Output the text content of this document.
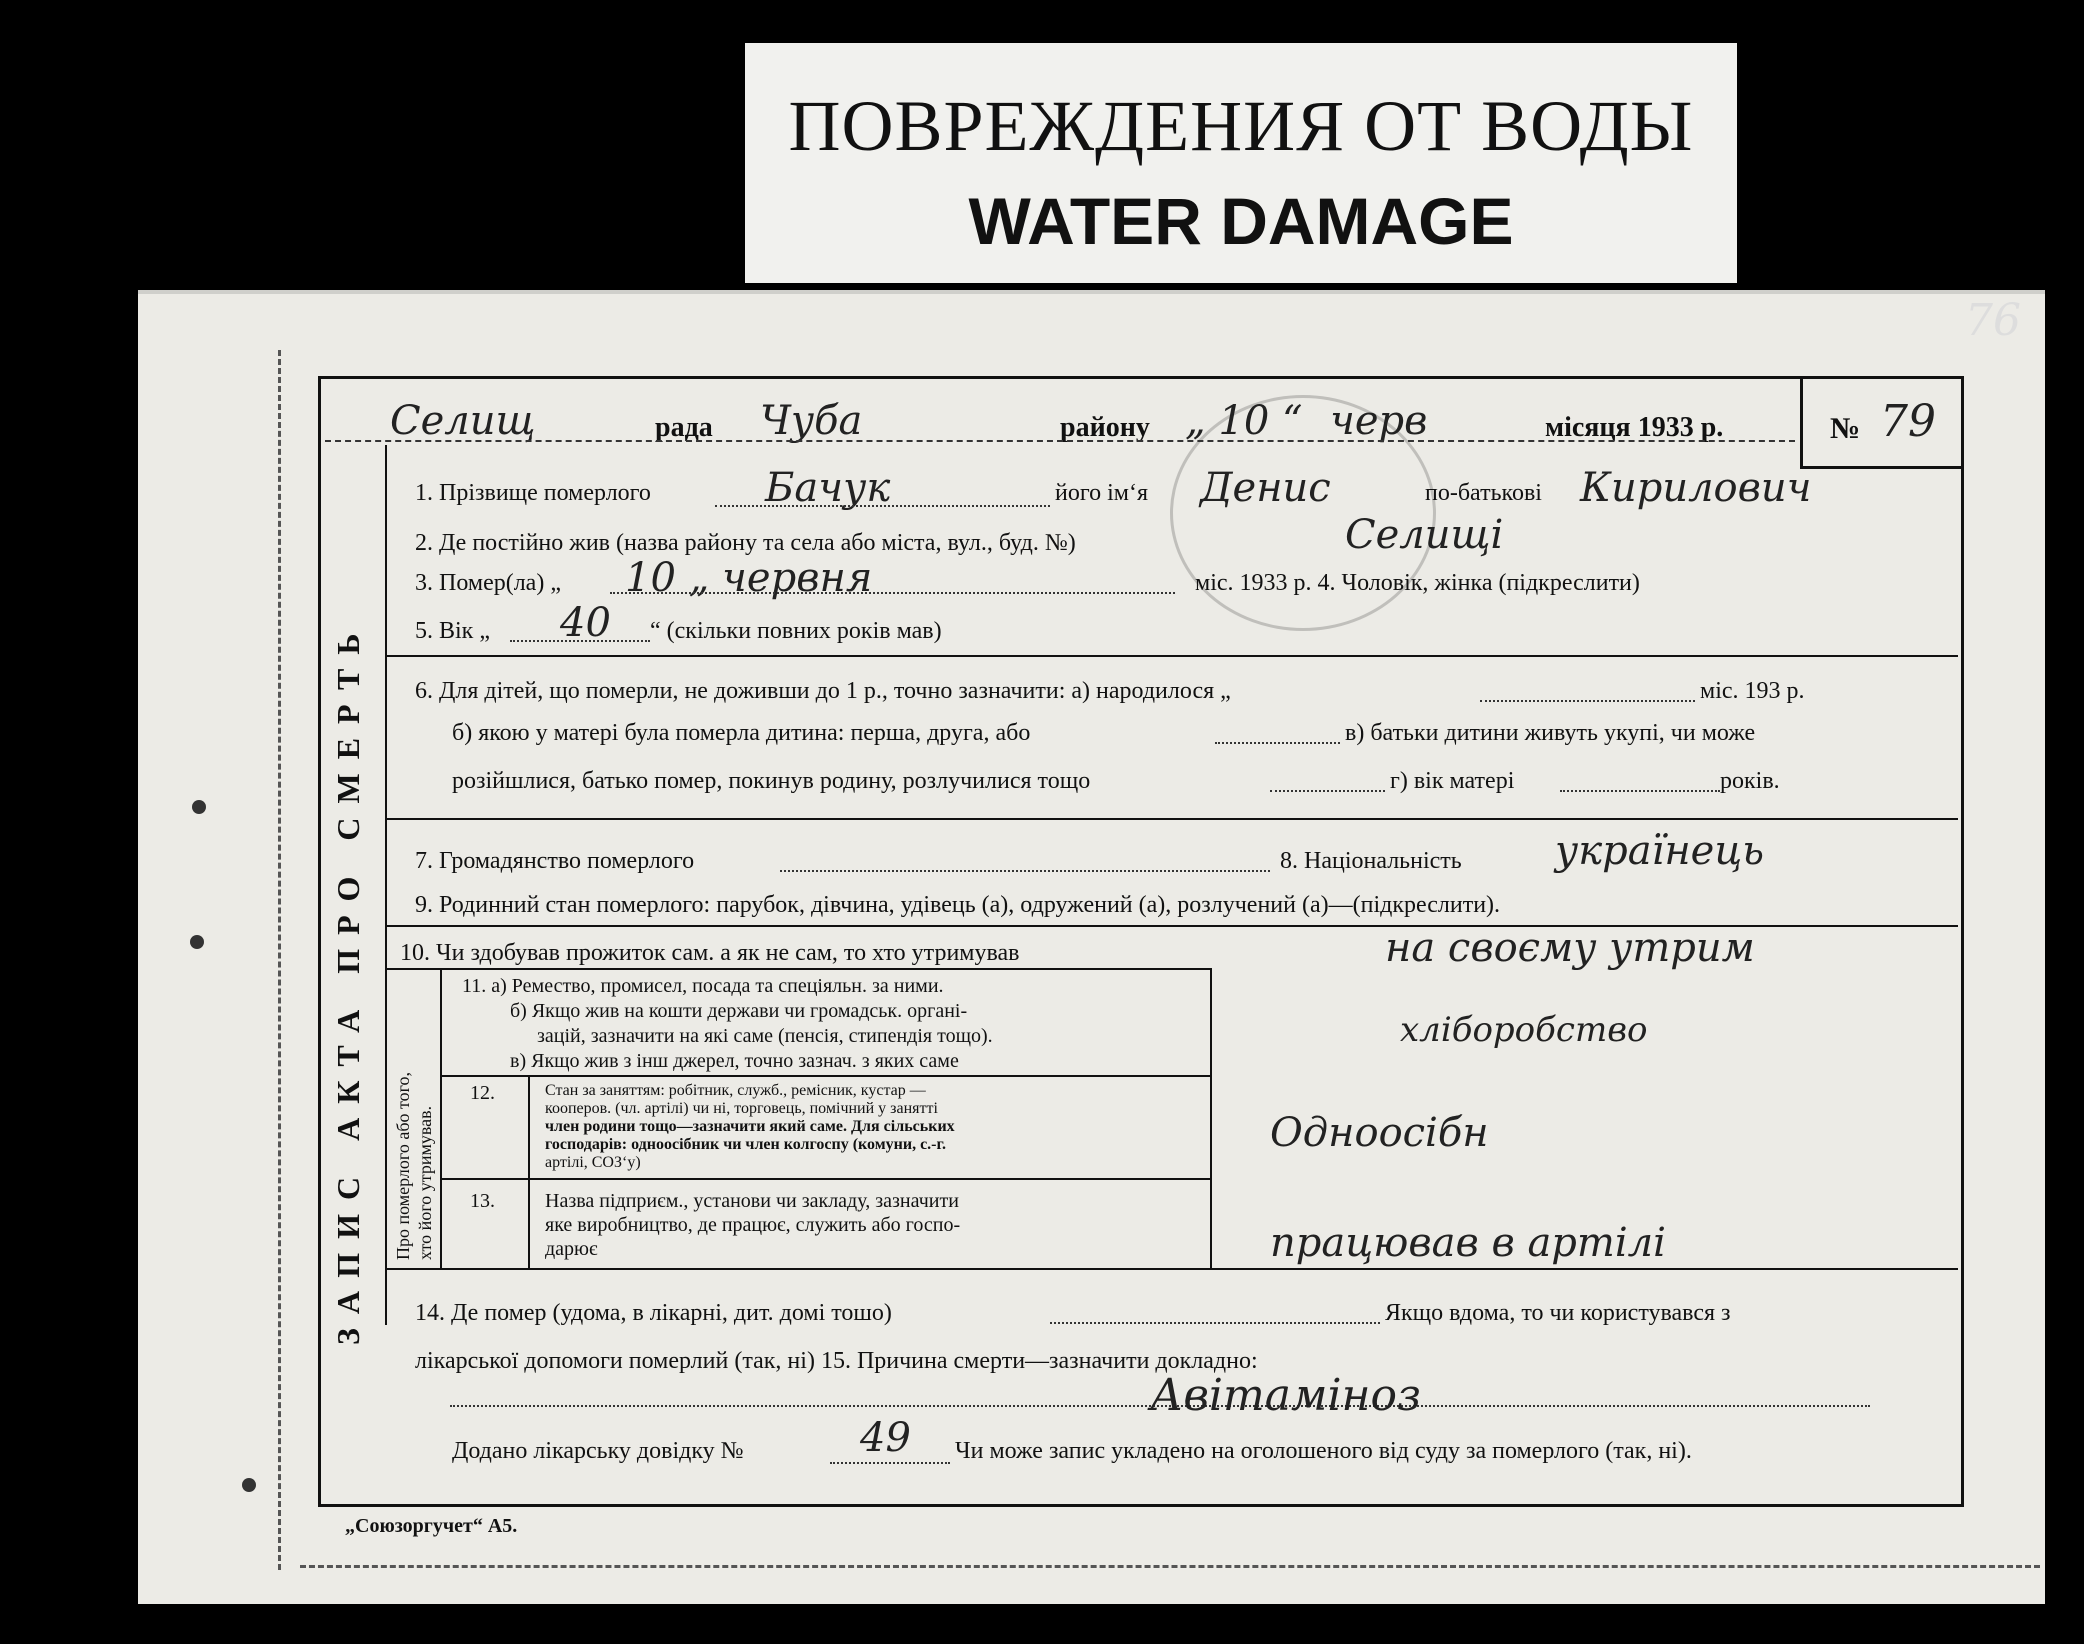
ПОВРЕЖДЕНИЯ ОТ ВОДЫ
WATER DAMAGE
76
Селищ	рада Чуба	району „ 10 “ черв	місяця 1933 р.	№ 79
1. Прізвище померлого	Бачук	його ім‘я Денис	по-батькові Кирилович
2. Де постійно жив (назва району та села або міста, вул., буд. №)	Селищі
3. Помер(ла) „ 10 „ червня	міс. 1933 р. 4. Чоловік, жінка (підкреслити)
5. Вік „ 40 “ (скільки повних років мав)
6. Для дітей, що померли, не доживши до 1 р., точно зазначити: а) народилося „	міс. 193 р.
б) якою у матері була померла дитина: перша, друга, або	в) батьки дитини живуть укупі, чи може
розійшлися, батько помер, покинув родину, розлучилися тощо	г) вік матері	років.
7. Громадянство померлого	8. Національність українець
9. Родинний стан померлого: парубок, дівчина, удівець (а), одружений (а), розлучений (а)—(підкреслити).
10. Чи здобував прожиток сам. а як не сам, то хто утримував	на своєму утрим
Про померлого або того, хто його утримував.
11. а) Ремество, промисел, посада та спеціяльн. за ними.
б) Якщо жив на кошти держави чи громадськ. органі-
зацій, зазначити на які саме (пенсія, стипендія тощо).
в) Якщо жив з інш джерел, точно зазнач. з яких саме
хліборобство
12.	Стан за заняттям: робітник, служб., ремісник, кустар —
кооперов. (чл. артілі) чи ні, торговець, помічний у занятті
член родини тощо—зазначити який саме. Для сільських
господарів: одноосібник чи член колгоспу (комуни, с.-г.
артілі, СОЗ‘у)
Одноосібн
13.	Назва підприєм., установи чи закладу, зазначити
яке виробництво, де працює, служить або госпо-
дарює	працював в артілі
14. Де помер (удома, в лікарні, дит. домі тошо)	Якщо вдома, то чи користувався з
лікарської допомоги померлий (так, ні) 15. Причина смерти—зазначити докладно:
Авітаміноз
Додано лікарську довідку №	49 Чи може запис укладено на оголошеного від суду за померлого (так, ні).
„Союзоргучет“ А5.
